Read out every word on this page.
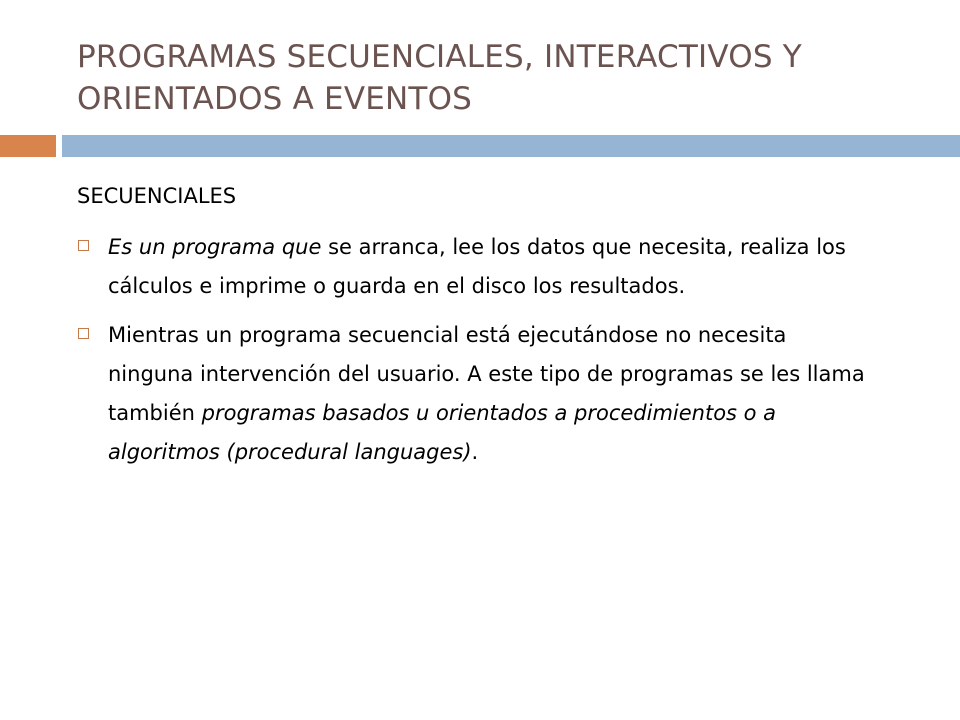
PROGRAMAS SECUENCIALES, INTERACTIVOS Y
ORIENTADOS A EVENTOS
SECUENCIALES
Es un programa que se arranca, lee los datos que necesita, realiza los cálculos e imprime o guarda en el disco los resultados.
Mientras un programa secuencial está ejecutándose no necesita ninguna intervención del usuario. A este tipo de programas se les llama también programas basados u orientados a procedimientos o a algoritmos (procedural languages).
